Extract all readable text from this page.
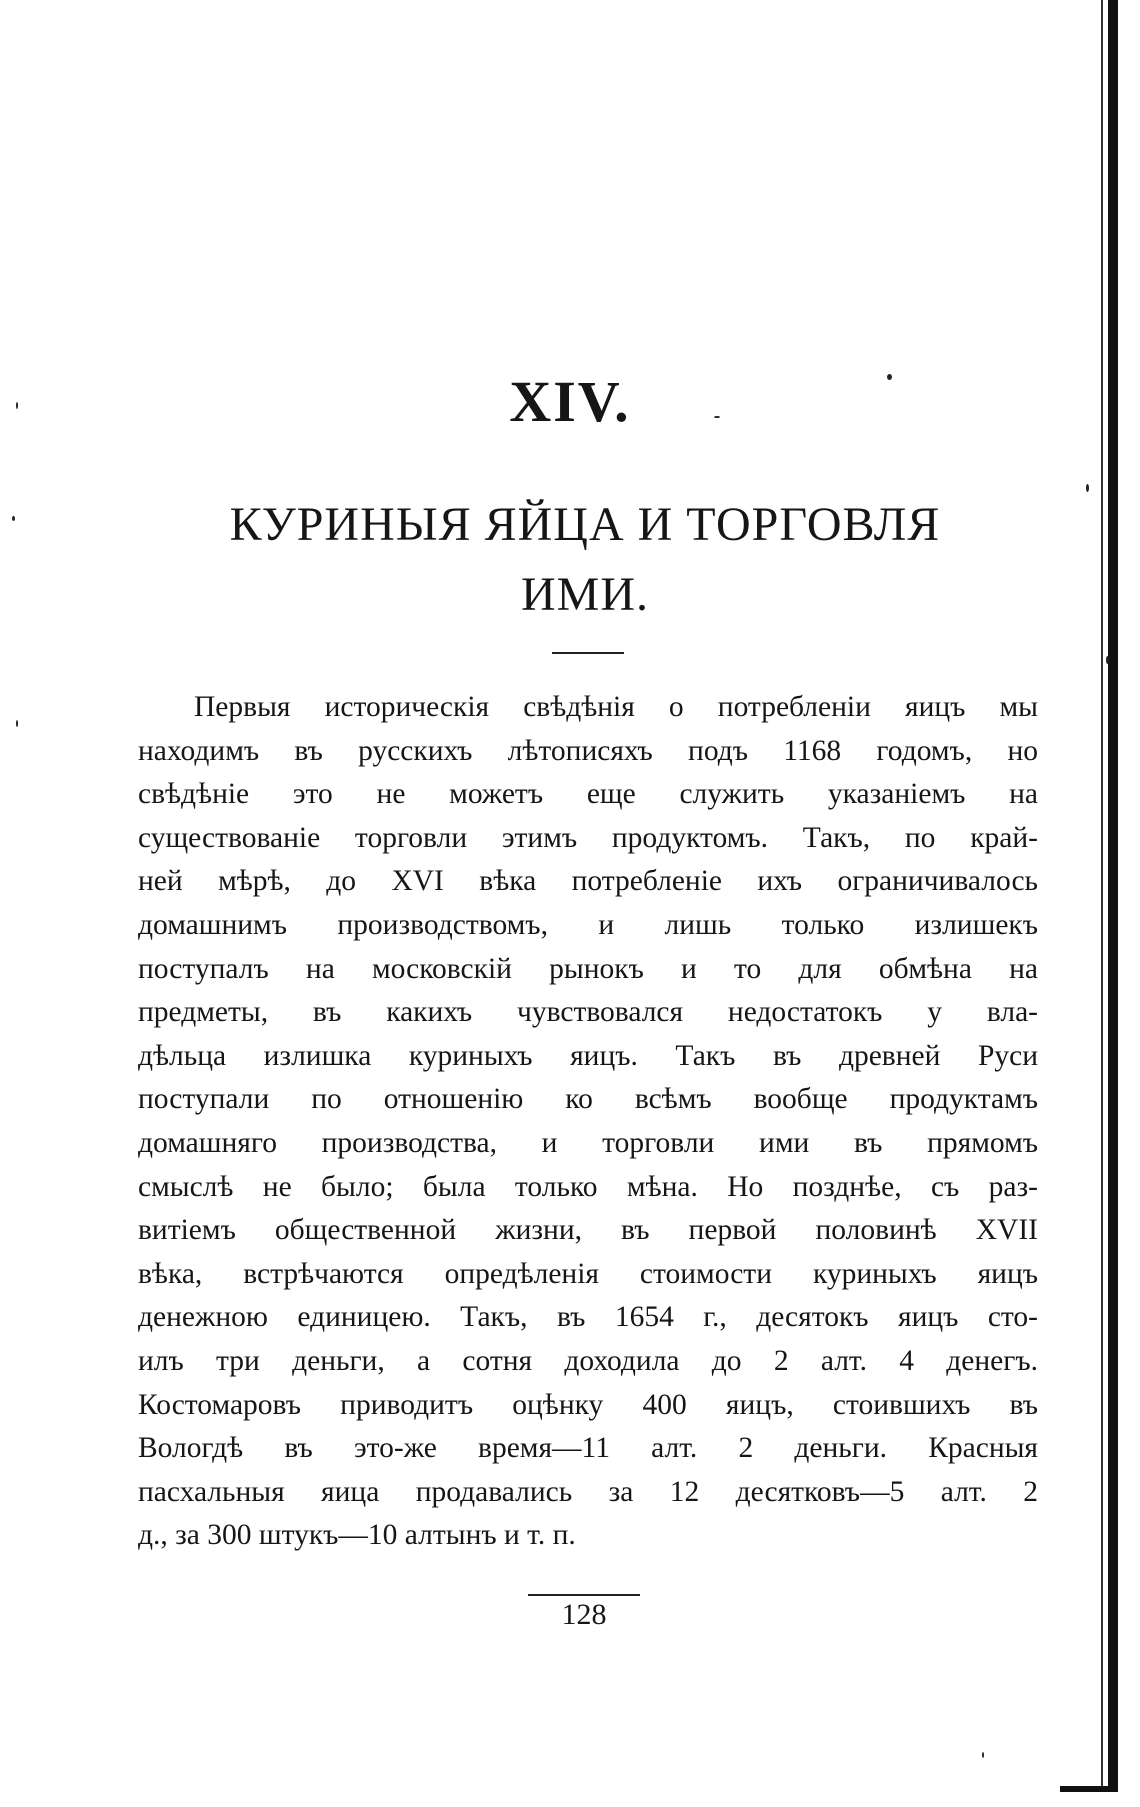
XIV.
КУРИНЫЯ ЯЙЦА И ТОРГОВЛЯ
ИМИ.
Первыя историческія свѣдѣнія о потребленіи яицъ мы
находимъ въ русскихъ лѣтописяхъ подъ 1168 годомъ, но
свѣдѣніе это не можетъ еще служить указаніемъ на
существованіе торговли этимъ продуктомъ. Такъ, по край-
ней мѣрѣ, до XVI вѣка потребленіе ихъ ограничивалось
домашнимъ производствомъ, и лишь только излишекъ
поступалъ на московскій рынокъ и то для обмѣна на
предметы, въ какихъ чувствовался недостатокъ у вла-
дѣльца излишка куриныхъ яицъ. Такъ въ древней Руси
поступали по отношенію ко всѣмъ вообще продуктамъ
домашняго производства, и торговли ими въ прямомъ
смыслѣ не было; была только мѣна. Но позднѣе, съ раз-
витіемъ общественной жизни, въ первой половинѣ XVII
вѣка, встрѣчаются опредѣленія стоимости куриныхъ яицъ
денежною единицею. Такъ, въ 1654 г., десятокъ яицъ сто-
илъ три деньги, а сотня доходила до 2 алт. 4 денегъ.
Костомаровъ приводитъ оцѣнку 400 яицъ, стоившихъ въ
Вологдѣ въ это-же время—11 алт. 2 деньги. Красныя
пасхальныя яица продавались за 12 десятковъ—5 алт. 2
д., за 300 штукъ—10 алтынъ и т. п.
128
